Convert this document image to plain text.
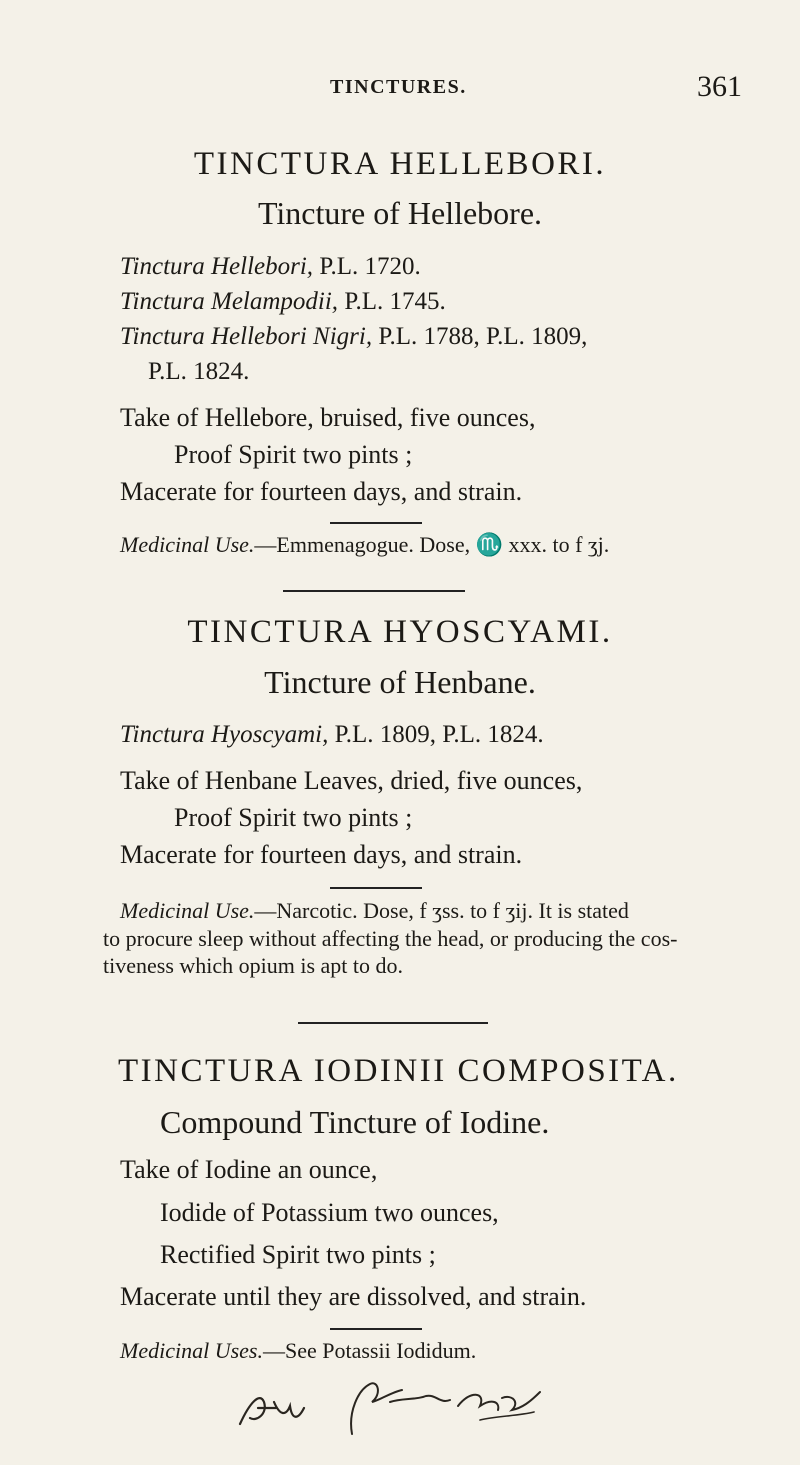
TINCTURES.	361
TINCTURA HELLEBORI.
Tincture of Hellebore.
Tinctura Hellebori, P.L. 1720.
Tinctura Melampodii, P.L. 1745.
Tinctura Hellebori Nigri, P.L. 1788, P.L. 1809,
P.L. 1824.
Take of Hellebore, bruised, five ounces,
Proof Spirit two pints ;
Macerate for fourteen days, and strain.
Medicinal Use.—Emmenagogue. Dose, ♏ xxx. to f ʒj.
TINCTURA HYOSCYAMI.
Tincture of Henbane.
Tinctura Hyoscyami, P.L. 1809, P.L. 1824.
Take of Henbane Leaves, dried, five ounces,
Proof Spirit two pints ;
Macerate for fourteen days, and strain.
Medicinal Use.—Narcotic. Dose, f ʒss. to f ʒij. It is stated
to procure sleep without affecting the head, or producing the cos-
tiveness which opium is apt to do.
TINCTURA IODINII COMPOSITA.
Compound Tincture of Iodine.
Take of Iodine an ounce,
Iodide of Potassium two ounces,
Rectified Spirit two pints ;
Macerate until they are dissolved, and strain.
Medicinal Uses.—See Potassii Iodidum.
